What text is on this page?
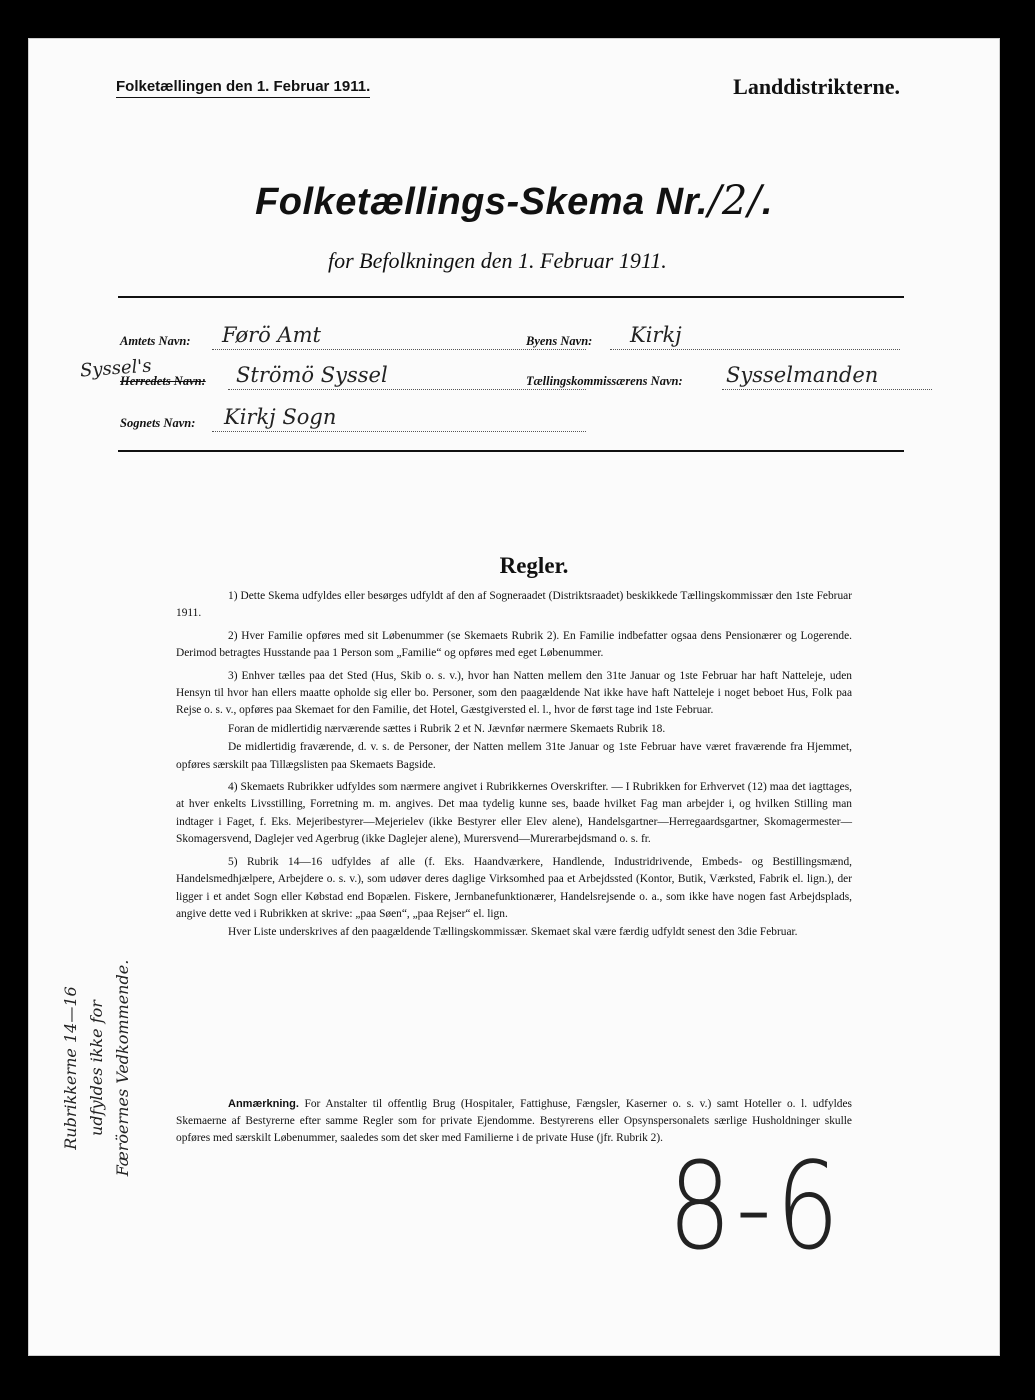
Folketællingen den 1. Februar 1911.	Landdistrikterne.
Folketællings-Skema Nr./2/.
for Befolkningen den 1. Februar 1911.
Amtets Navn: Førö Amt
Syssel's
Herredets Navn: Strömö Syssel
Sognets Navn: Kirkj Sogn
Byens Navn: Kirkj
Tællingskommissærens Navn: Sysselmanden
Regler.

1) Dette Skema udfyldes eller besørges udfyldt af den af Sogneraadet (Distriktsraadet) beskikkede Tællingskommissær den 1ste Februar 1911.

2) Hver Familie opføres med sit Løbenummer (se Skemaets Rubrik 2). En Familie indbefatter ogsaa dens Pensionærer og Logerende. Derimod betragtes Husstande paa 1 Person som „Familie“ og opføres med eget Løbenummer.

3) Enhver tælles paa det Sted (Hus, Skib o. s. v.), hvor han Natten mellem den 31te Januar og 1ste Februar har haft Natteleje, uden Hensyn til hvor han ellers maatte opholde sig eller bo. Personer, som den paagældende Nat ikke have haft Natteleje i noget beboet Hus, Folk paa Rejse o. s. v., opføres paa Skemaet for den Familie, det Hotel, Gæstgiversted el. l., hvor de først tage ind 1ste Februar.

Foran de midlertidig nærværende sættes i Rubrik 2 et N. Jævnfør nærmere Skemaets Rubrik 18.

De midlertidig fraværende, d. v. s. de Personer, der Natten mellem 31te Januar og 1ste Februar have været fraværende fra Hjemmet, opføres særskilt paa Tillægslisten paa Skemaets Bagside.

4) Skemaets Rubrikker udfyldes som nærmere angivet i Rubrikkernes Overskrifter. — I Rubrikken for Erhvervet (12) maa det iagttages, at hver enkelts Livsstilling, Forretning m. m. angives. Det maa tydelig kunne ses, baade hvilket Fag man arbejder i, og hvilken Stilling man indtager i Faget, f. Eks. Mejeribestyrer—Mejerielev (ikke Bestyrer eller Elev alene), Handelsgartner—Herregaardsgartner, Skomagermester—Skomagersvend, Daglejer ved Agerbrug (ikke Daglejer alene), Murersvend—Murerarbejdsmand o. s. fr.

5) Rubrik 14—16 udfyldes af alle (f. Eks. Haandværkere, Handlende, Industridrivende, Embeds- og Bestillingsmænd, Handelsmedhjælpere, Arbejdere o. s. v.), som udøver deres daglige Virksomhed paa et Arbejdssted (Kontor, Butik, Værksted, Fabrik el. lign.), der ligger i et andet Sogn eller Købstad end Bopælen. Fiskere, Jernbanefunktionærer, Handelsrejsende o. a., som ikke have nogen fast Arbejdsplads, angive dette ved i Rubrikken at skrive: „paa Søen“, „paa Rejser“ el. lign.

Hver Liste underskrives af den paagældende Tællingskommissær. Skemaet skal være færdig udfyldt senest den 3die Februar.

Anmærkning. For Anstalter til offentlig Brug (Hospitaler, Fattighuse, Fængsler, Kaserner o. s. v.) samt Hoteller o. l. udfyldes Skemaerne af Bestyrerne efter samme Regler som for private Ejendomme. Bestyrerens eller Opsynspersonalets særlige Husholdninger skulle opføres med særskilt Løbenummer, saaledes som det sker med Familierne i de private Huse (jfr. Rubrik 2).
Rubrikkerne 14—16 udfyldes ikke for Færöernes Vedkommende.
8-6
